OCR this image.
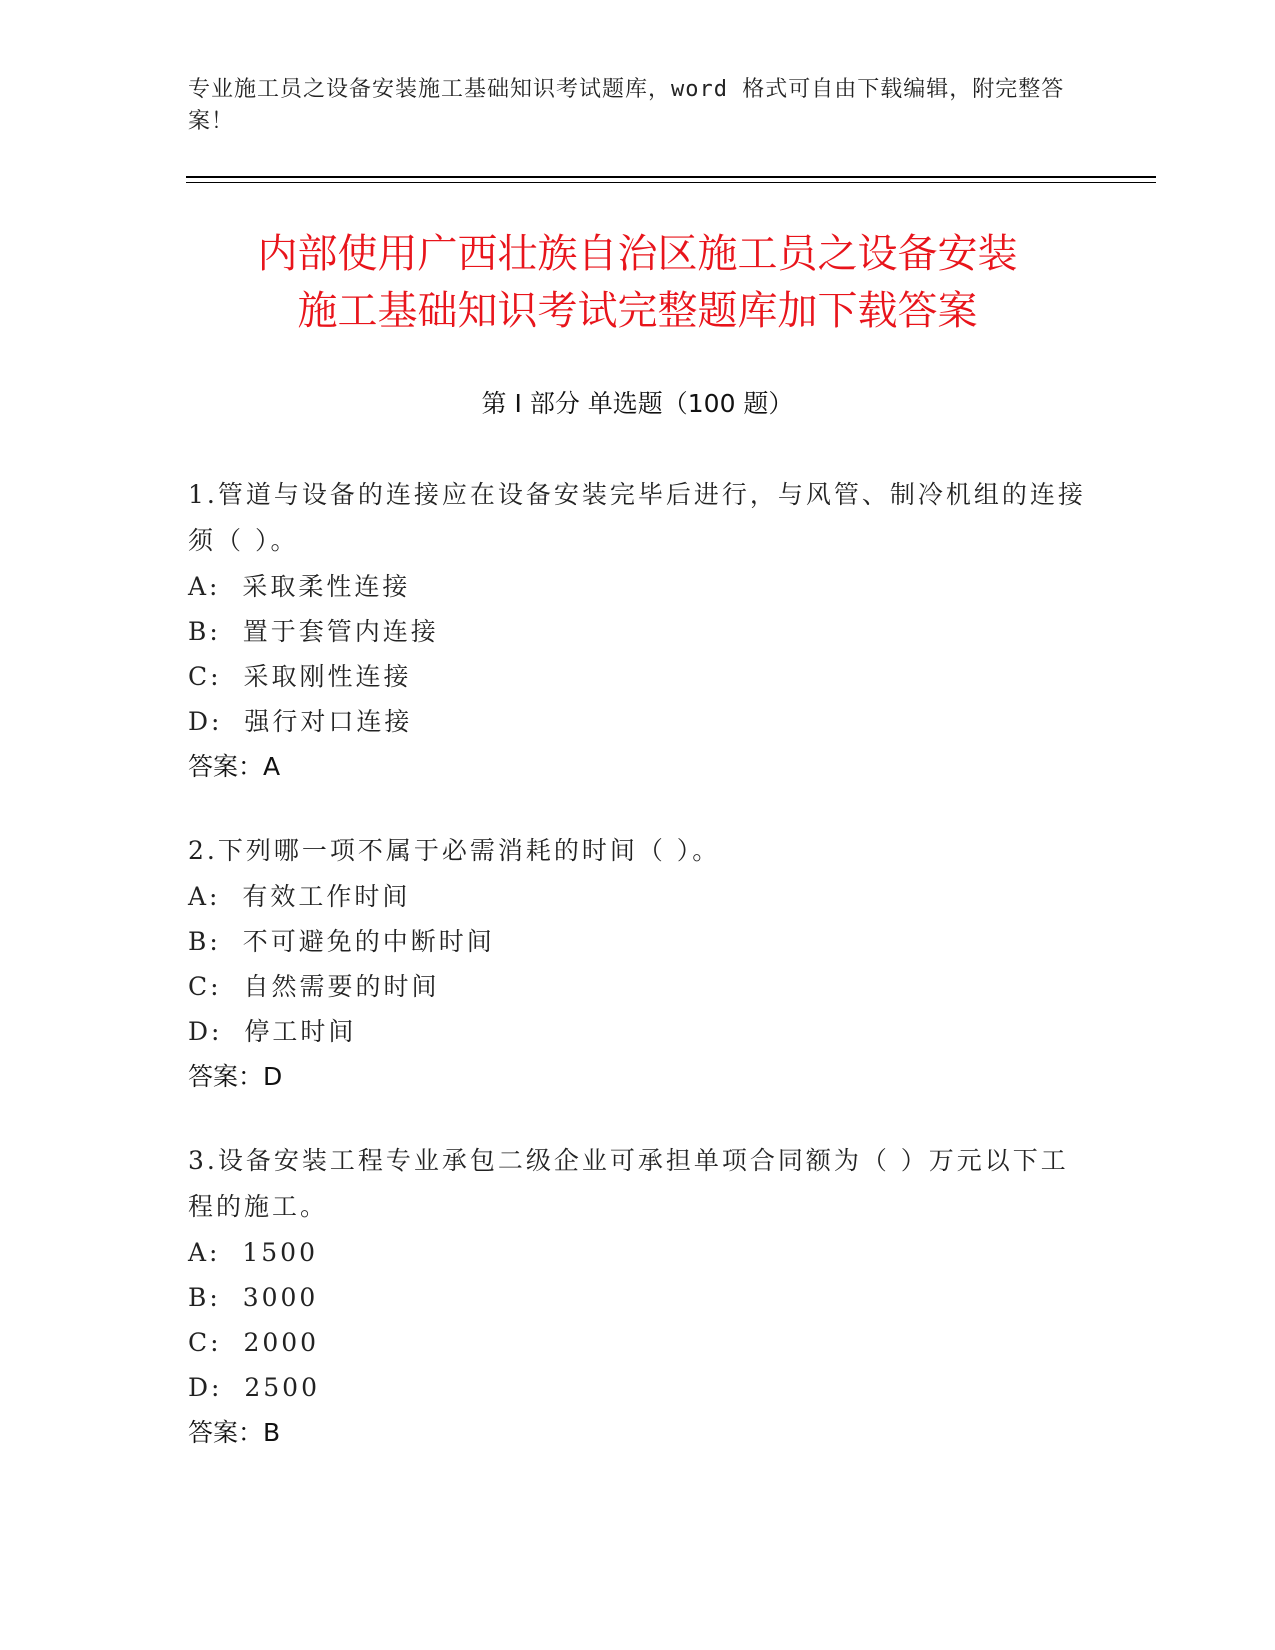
专业施工员之设备安装施工基础知识考试题库，word 格式可自由下载编辑，附完整答案！
内部使用广西壮族自治区施工员之设备安装
施工基础知识考试完整题库加下载答案
第 I 部分 单选题（100 题）
1.管道与设备的连接应在设备安装完毕后进行，与风管、制冷机组的连接须（ ）。
A:  采取柔性连接
B:  置于套管内连接
C:  采取刚性连接
D:  强行对口连接
答案：A
2.下列哪一项不属于必需消耗的时间（ ）。
A:  有效工作时间
B:  不可避免的中断时间
C:  自然需要的时间
D:  停工时间
答案：D
3.设备安装工程专业承包二级企业可承担单项合同额为（ ）万元以下工程的施工。
A:  1500
B:  3000
C:  2000
D:  2500
答案：B
